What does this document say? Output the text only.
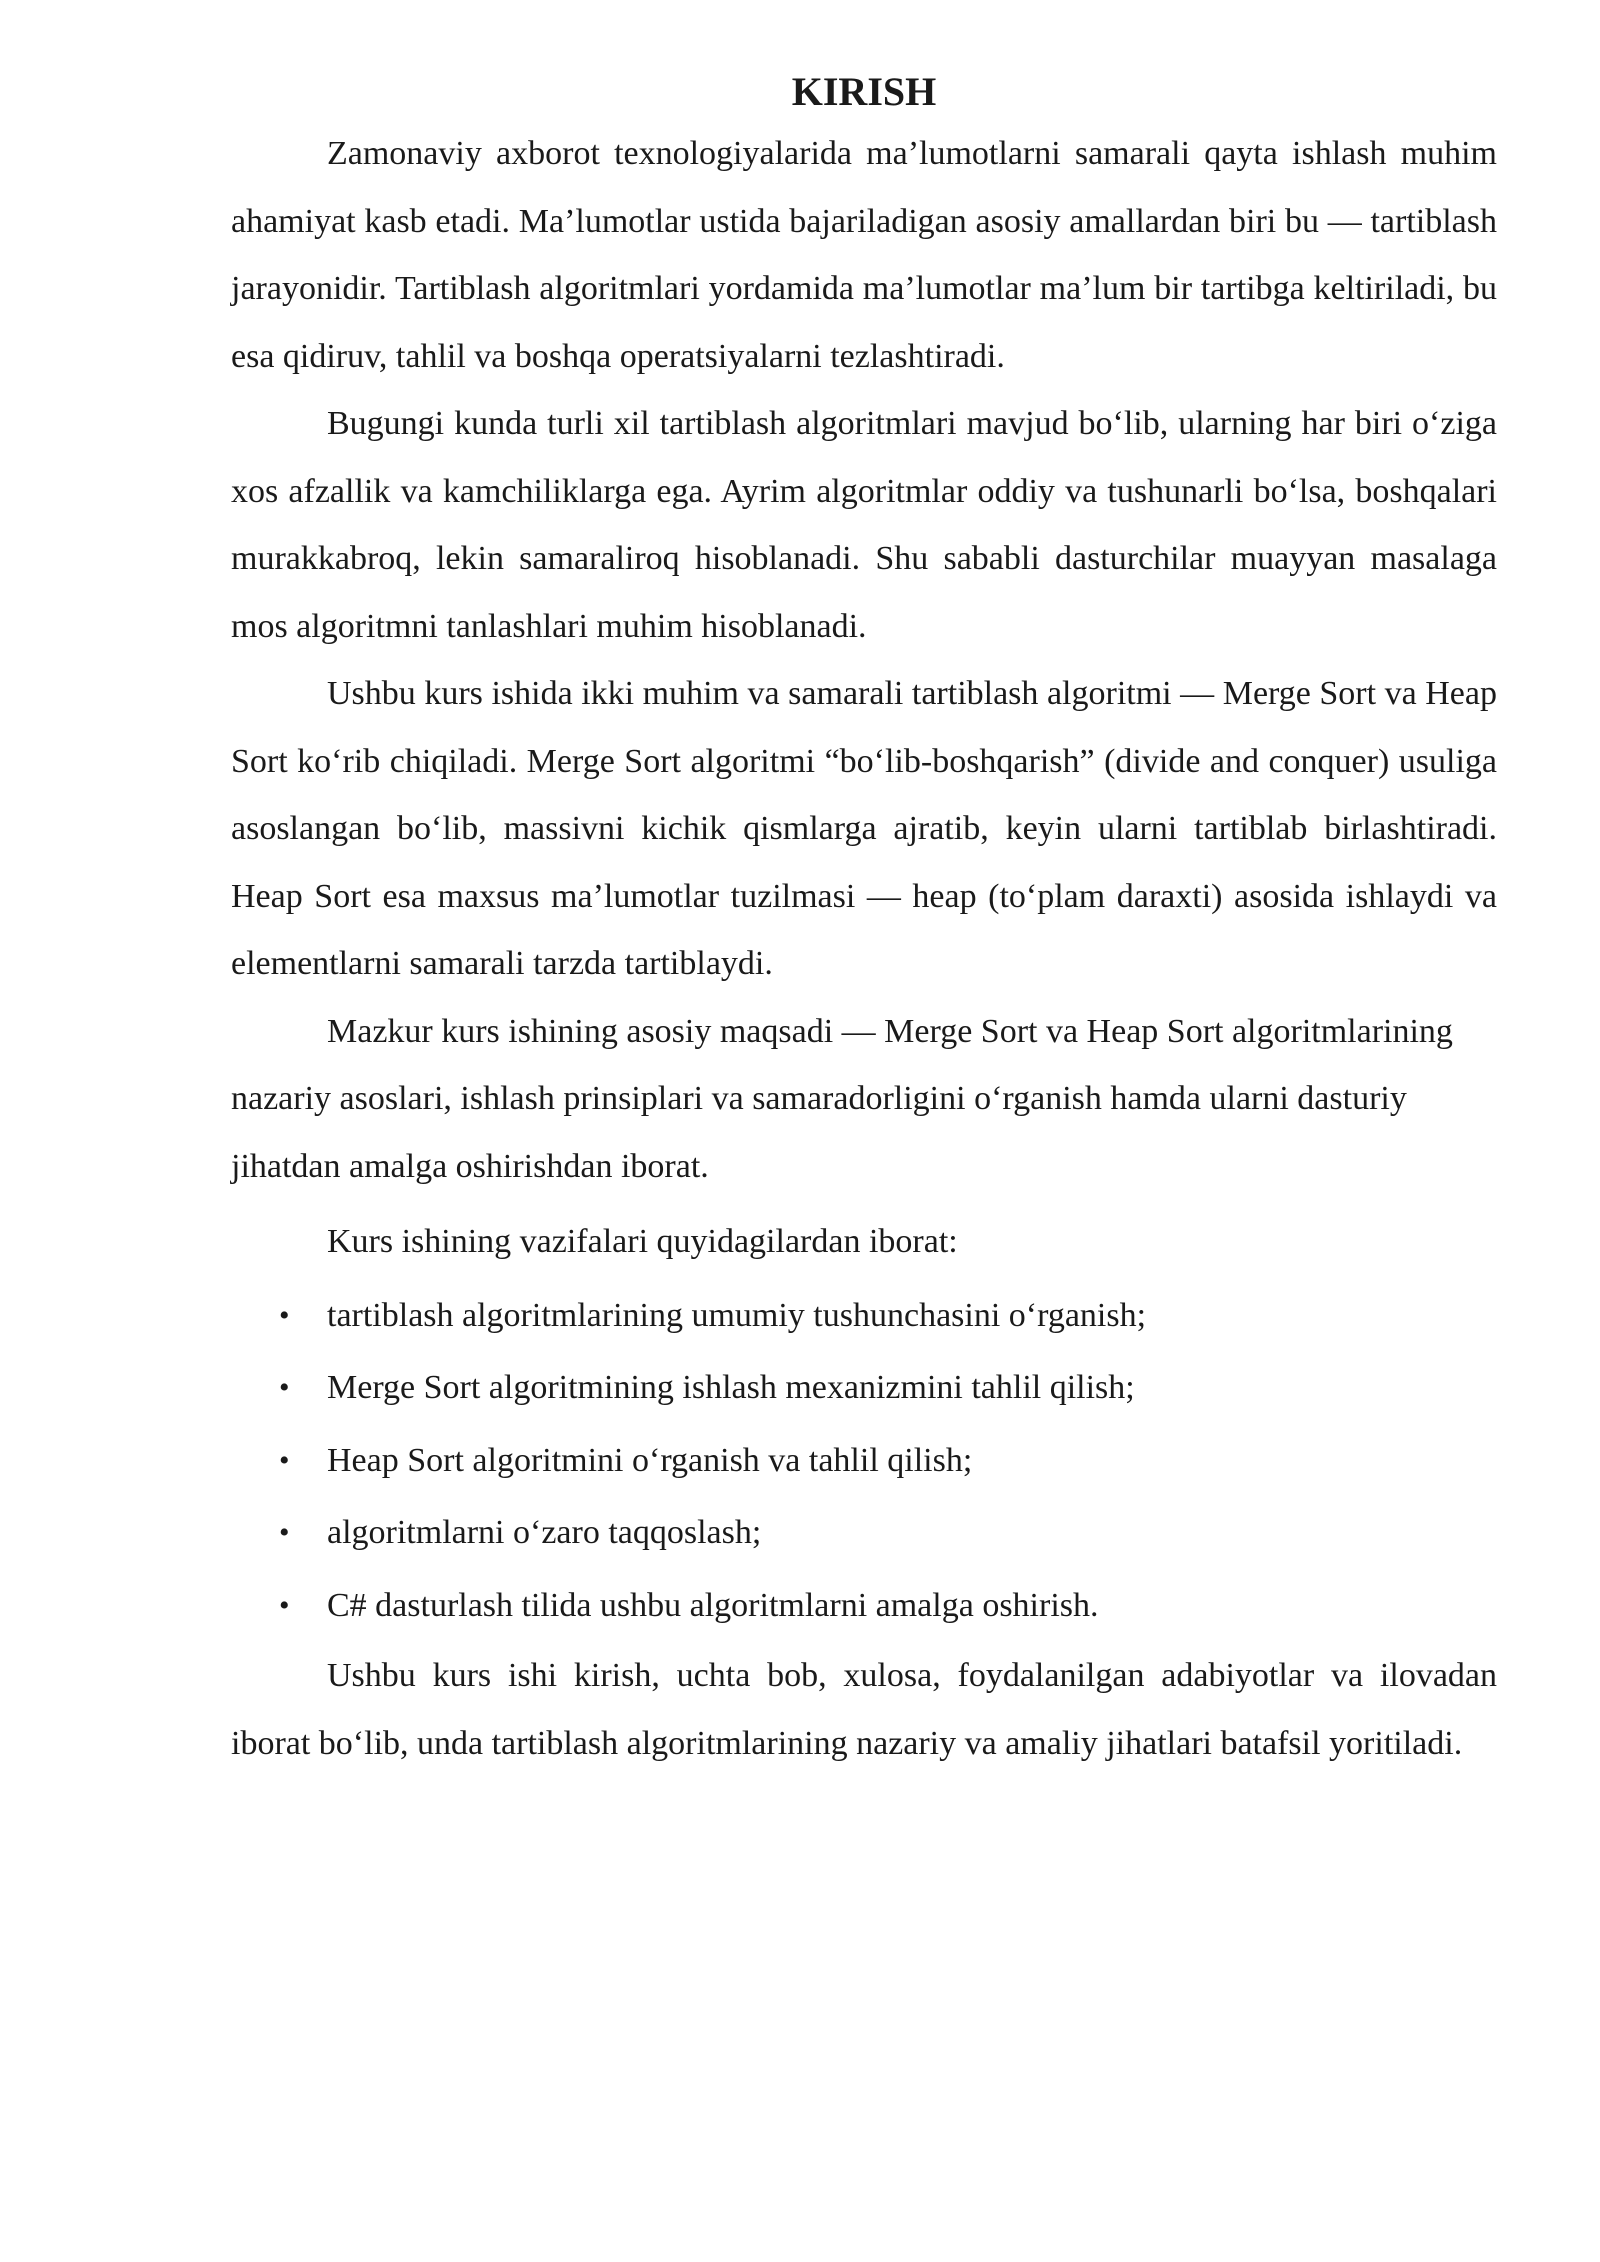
KIRISH

Zamonaviy axborot texnologiyalarida ma’lumotlarni samarali qayta ishlash muhim ahamiyat kasb etadi. Ma’lumotlar ustida bajariladigan asosiy amallardan biri bu — tartiblash jarayonidir. Tartiblash algoritmlari yordamida ma’lumotlar ma’lum bir tartibga keltiriladi, bu esa qidiruv, tahlil va boshqa operatsiyalarni tezlashtiradi.

Bugungi kunda turli xil tartiblash algoritmlari mavjud bo‘lib, ularning har biri o‘ziga xos afzallik va kamchiliklarga ega. Ayrim algoritmlar oddiy va tushunarli bo‘lsa, boshqalari murakkabroq, lekin samaraliroq hisoblanadi. Shu sababli dasturchilar muayyan masalaga mos algoritmni tanlashlari muhim hisoblanadi.

Ushbu kurs ishida ikki muhim va samarali tartiblash algoritmi — Merge Sort va Heap Sort ko‘rib chiqiladi. Merge Sort algoritmi “bo‘lib-boshqarish” (divide and conquer) usuliga asoslangan bo‘lib, massivni kichik qismlarga ajratib, keyin ularni tartiblab birlashtiradi. Heap Sort esa maxsus ma’lumotlar tuzilmasi — heap (to‘plam daraxti) asosida ishlaydi va elementlarni samarali tarzda tartiblaydi.

Mazkur kurs ishining asosiy maqsadi — Merge Sort va Heap Sort algoritmlarining nazariy asoslari, ishlash prinsiplari va samaradorligini o‘rganish hamda ularni dasturiy jihatdan amalga oshirishdan iborat.

Kurs ishining vazifalari quyidagilardan iborat:

• tartiblash algoritmlarining umumiy tushunchasini o‘rganish;
• Merge Sort algoritmining ishlash mexanizmini tahlil qilish;
• Heap Sort algoritmini o‘rganish va tahlil qilish;
• algoritmlarni o‘zaro taqqoslash;
• C# dasturlash tilida ushbu algoritmlarni amalga oshirish.

Ushbu kurs ishi kirish, uchta bob, xulosa, foydalanilgan adabiyotlar va ilovadan iborat bo‘lib, unda tartiblash algoritmlarining nazariy va amaliy jihatlari batafsil yoritiladi.
